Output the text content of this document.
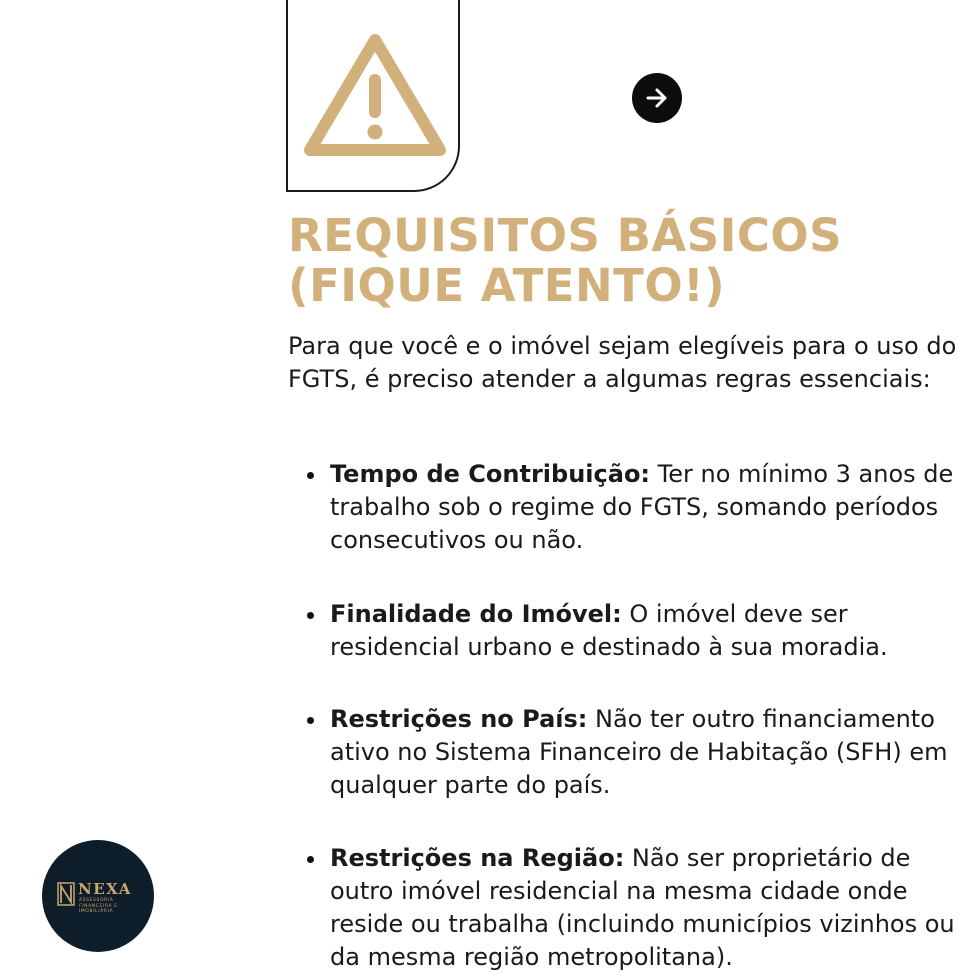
REQUISITOS BÁSICOS
(FIQUE ATENTO!)

Para que você e o imóvel sejam elegíveis para o uso do FGTS, é preciso atender a algumas regras essenciais:

Tempo de Contribuição: Ter no mínimo 3 anos de trabalho sob o regime do FGTS, somando períodos consecutivos ou não.
Finalidade do Imóvel: O imóvel deve ser residencial urbano e destinado à sua moradia.
Restrições no País: Não ter outro financiamento ativo no Sistema Financeiro de Habitação (SFH) em qualquer parte do país.
Restrições na Região: Não ser proprietário de outro imóvel residencial na mesma cidade onde reside ou trabalha (incluindo municípios vizinhos ou da mesma região metropolitana).
NEXA
ASSESSORIA
FINANCEIRA E
IMOBILIÁRIA
